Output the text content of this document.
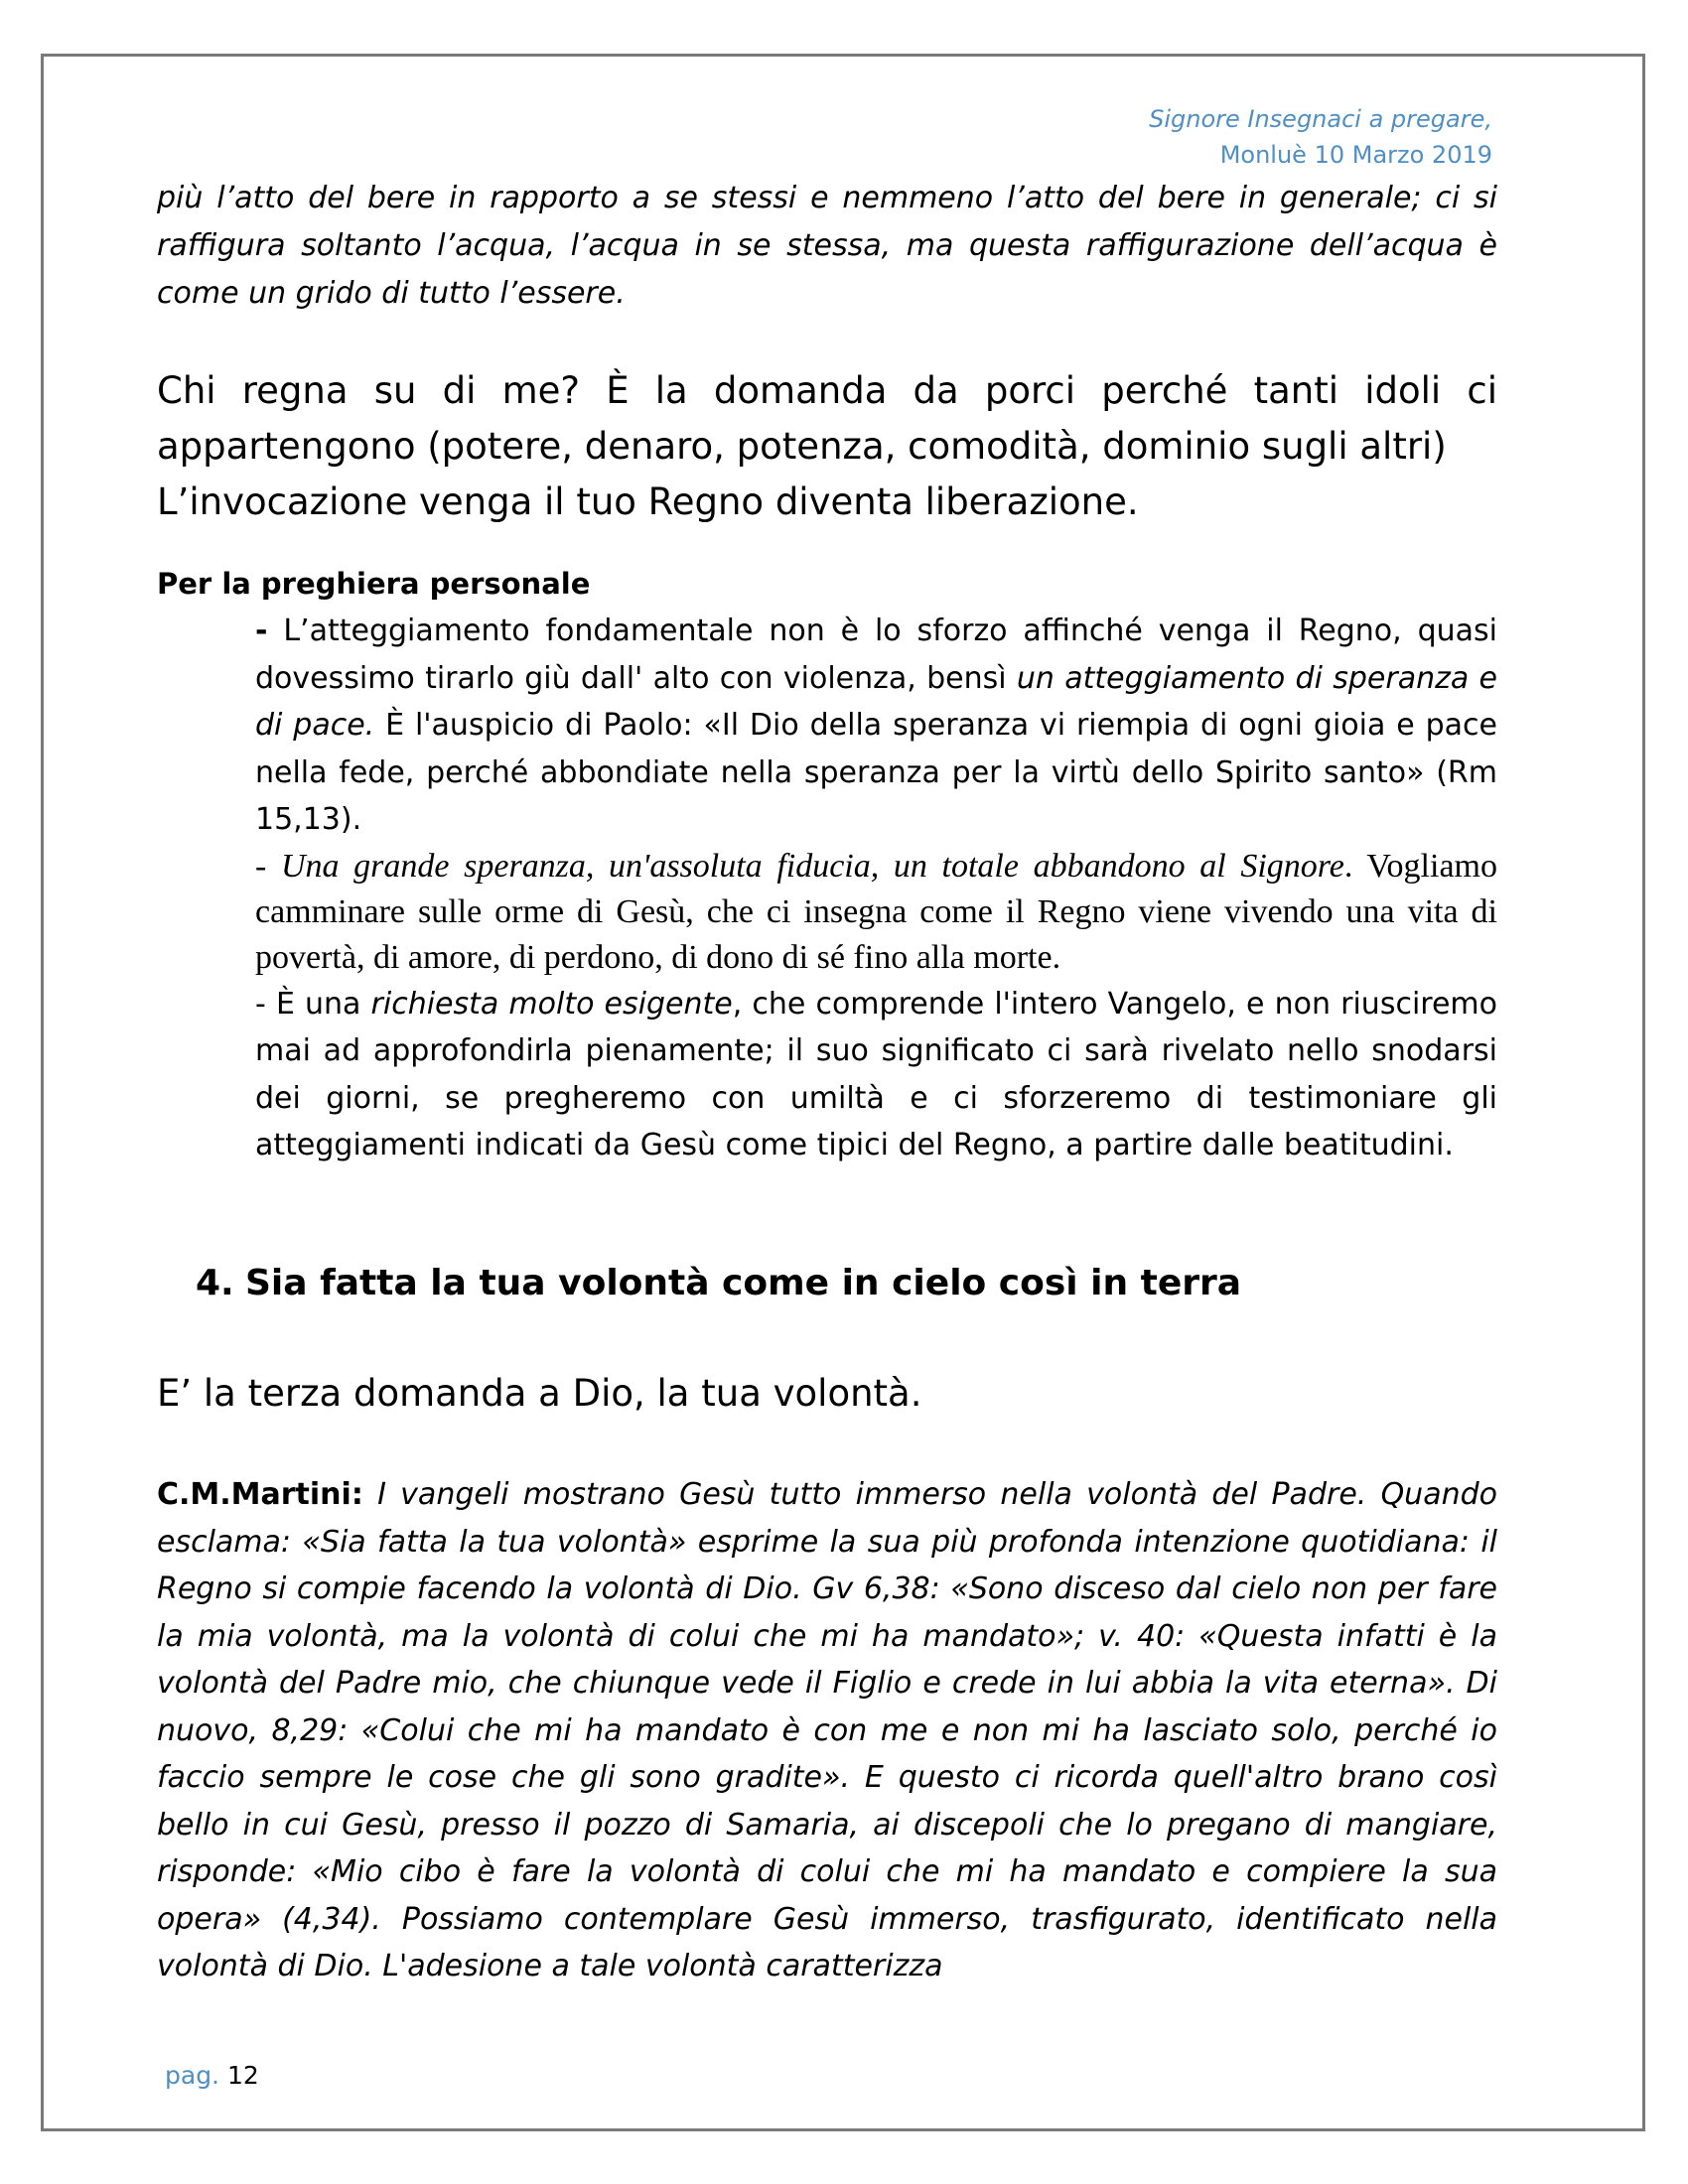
Signore Insegnaci a pregare,
Monluè 10 Marzo 2019

più l’atto del bere in rapporto a se stessi e nemmeno l’atto del bere in generale; ci si raffigura soltanto l’acqua, l’acqua in se stessa, ma questa raffigurazione dell’acqua è come un grido di tutto l’essere.

Chi regna su di me? È la domanda da porci perché tanti idoli ci appartengono (potere, denaro, potenza, comodità, dominio sugli altri)
L’invocazione venga il tuo Regno diventa liberazione.
Per la preghiera personale

- L’atteggiamento fondamentale non è lo sforzo affinché venga il Regno, quasi dovessimo tirarlo giù dall' alto con violenza, bensì un atteggiamento di speranza e di pace. È l'auspicio di Paolo: «Il Dio della speranza vi riempia di ogni gioia e pace nella fede, perché abbondiate nella speranza per la virtù dello Spirito santo» (Rm 15,13).

- Una grande speranza, un'assoluta fiducia, un totale abbandono al Signore. Vogliamo camminare sulle orme di Gesù, che ci insegna come il Regno viene vivendo una vita di povertà, di amore, di perdono, di dono di sé fino alla morte.

- È una richiesta molto esigente, che comprende l'intero Vangelo, e non riusciremo mai ad approfondirla pienamente; il suo significato ci sarà rivelato nello snodarsi dei giorni, se pregheremo con umiltà e ci sforzeremo di testimoniare gli atteggiamenti indicati da Gesù come tipici del Regno, a partire dalle beatitudini.

4. Sia fatta la tua volontà come in cielo così in terra
E’ la terza domanda a Dio, la tua volontà.

C.M.Martini: I vangeli mostrano Gesù tutto immerso nella volontà del Padre. Quando esclama: «Sia fatta la tua volontà» esprime la sua più profonda intenzione quotidiana: il Regno si compie facendo la volontà di Dio. Gv 6,38: «Sono disceso dal cielo non per fare la mia volontà, ma la volontà di colui che mi ha mandato»; v. 40: «Questa infatti è la volontà del Padre mio, che chiunque vede il Figlio e crede in lui abbia la vita eterna». Di nuovo, 8,29: «Colui che mi ha mandato è con me e non mi ha lasciato solo, perché io faccio sempre le cose che gli sono gradite». E questo ci ricorda quell'altro brano così bello in cui Gesù, presso il pozzo di Samaria, ai discepoli che lo pregano di mangiare, risponde: «Mio cibo è fare la volontà di colui che mi ha mandato e compiere la sua opera» (4,34). Possiamo contemplare Gesù immerso, trasfigurato, identificato nella volontà di Dio. L'adesione a tale volontà caratterizza

pag. 12
